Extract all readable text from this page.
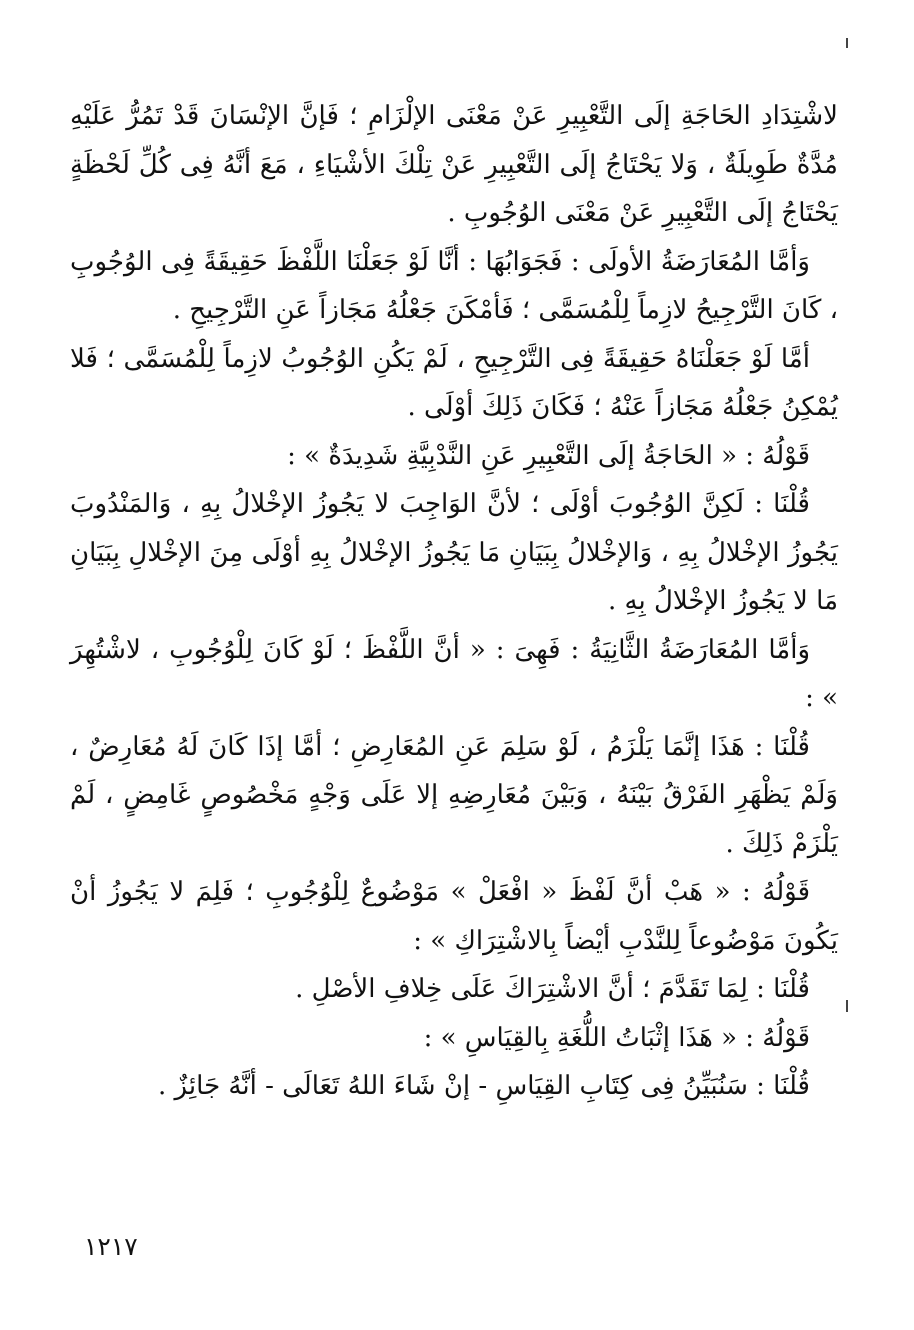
لاشْتِدَادِ الحَاجَةِ إلَى التَّعْبِيرِ عَنْ مَعْنَى الإلْزَامِ ؛ فَإنَّ الإنْسَانَ قَدْ تَمُرُّ عَلَيْهِ مُدَّةٌ طَوِيلَةٌ ، وَلا يَحْتَاجُ إلَى التَّعْبِيرِ عَنْ تِلْكَ الأشْيَاءِ ، مَعَ أنَّهُ فِى كُلِّ لَحْظَةٍ يَحْتَاجُ إلَى التَّعْبِيرِ عَنْ مَعْنَى الوُجُوبِ .

وَأمَّا المُعَارَضَةُ الأولَى : فَجَوَابُهَا : أنَّا لَوْ جَعَلْنَا اللَّفْظَ حَقِيقَةً فِى الوُجُوبِ ، كَانَ التَّرْجِيحُ لازِماً لِلْمُسَمَّى ؛ فَأمْكَنَ جَعْلُهُ مَجَازاً عَنِ التَّرْجِيحِ .

أمَّا لَوْ جَعَلْنَاهُ حَقِيقَةً فِى التَّرْجِيحِ ، لَمْ يَكُنِ الوُجُوبُ لازِماً لِلْمُسَمَّى ؛ فَلا يُمْكِنُ جَعْلُهُ مَجَازاً عَنْهُ ؛ فَكَانَ ذَلِكَ أوْلَى .

قَوْلُهُ : « الحَاجَةُ إلَى التَّعْبِيرِ عَنِ النَّدْبِيَّةِ شَدِيدَةٌ » :

قُلْنَا : لَكِنَّ الوُجُوبَ أوْلَى ؛ لأنَّ الوَاجِبَ لا يَجُوزُ الإخْلالُ بِهِ ، وَالمَنْدُوبَ يَجُوزُ الإخْلالُ بِهِ ، وَالإخْلالُ بِبَيَانِ مَا يَجُوزُ الإخْلالُ بِهِ أوْلَى مِنَ الإخْلالِ بِبَيَانِ مَا لا يَجُوزُ الإخْلالُ بِهِ .

وَأمَّا المُعَارَضَةُ الثَّانِيَةُ : فَهِىَ : « أنَّ اللَّفْظَ ؛ لَوْ كَانَ لِلْوُجُوبِ ، لاشْتُهِرَ » :

قُلْنَا : هَذَا إنَّمَا يَلْزَمُ ، لَوْ سَلِمَ عَنِ المُعَارِضِ ؛ أمَّا إذَا كَانَ لَهُ مُعَارِضٌ ، وَلَمْ يَظْهَرِ الفَرْقُ بَيْنَهُ ، وَبَيْنَ مُعَارِضِهِ إلا عَلَى وَجْهٍ مَخْصُوصٍ غَامِضٍ ، لَمْ يَلْزَمْ ذَلِكَ .

قَوْلُهُ : « هَبْ أنَّ لَفْظَ « افْعَلْ » مَوْضُوعٌ لِلْوُجُوبِ ؛ فَلِمَ لا يَجُوزُ أنْ يَكُونَ مَوْضُوعاً لِلنَّدْبِ أيْضاً بِالاشْتِرَاكِ » :

قُلْنَا : لِمَا تَقَدَّمَ ؛ أنَّ الاشْتِرَاكَ عَلَى خِلافِ الأصْلِ .

قَوْلُهُ : « هَذَا إثْبَاتُ اللُّغَةِ بِالقِيَاسِ » :

قُلْنَا : سَنُبَيِّنُ فِى كِتَابِ القِيَاسِ - إنْ شَاءَ اللهُ تَعَالَى - أنَّهُ جَائِزٌ .

١٢١٧
